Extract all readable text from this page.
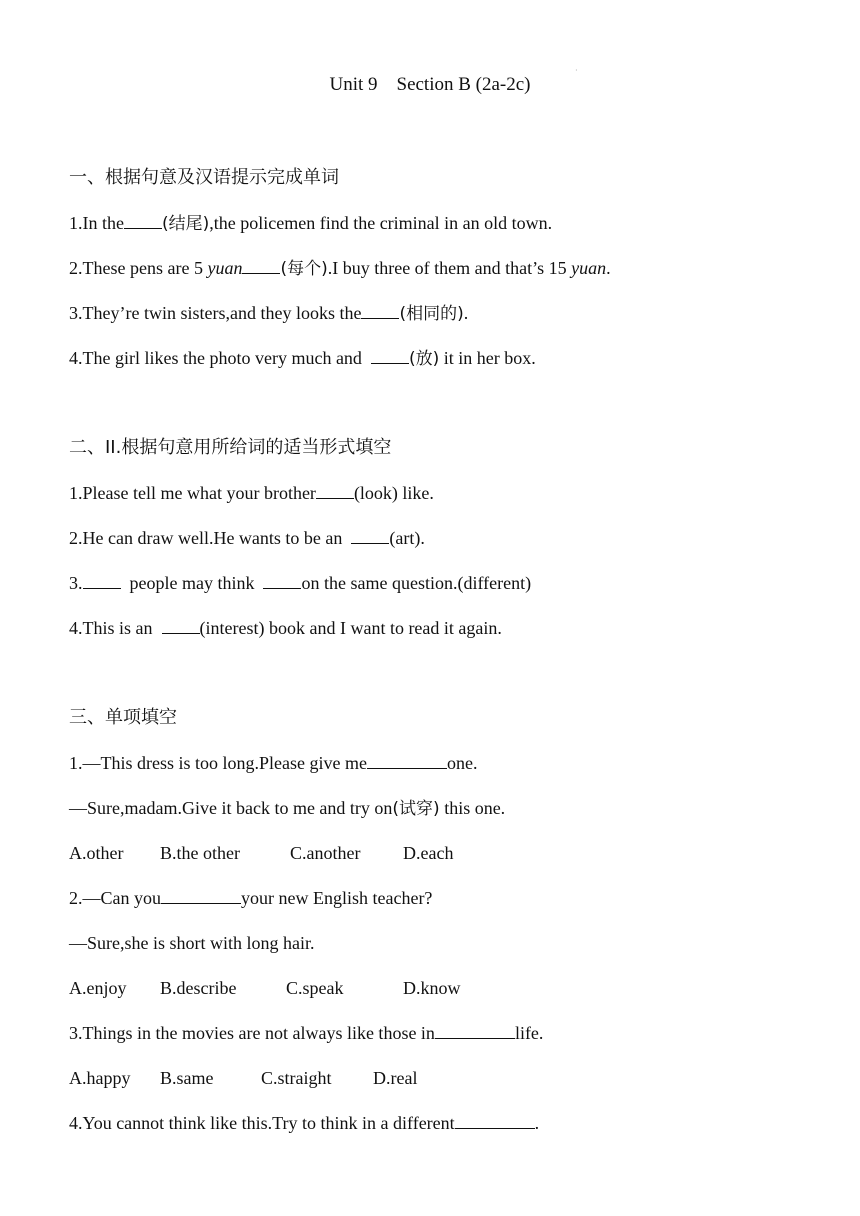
Unit 9    Section B (2a-2c)
·
一、根据句意及汉语提示完成单词
1.In the (结尾),the policemen find the criminal in an old town.
2.These pens are 5 yuan (每个).I buy three of them and that’s 15 yuan.
3.They’re twin sisters,and they looks the (相同的).
4.The girl likes the photo very much and  (放) it in her box.
二、II.根据句意用所给词的适当形式填空
1.Please tell me what your brother (look) like.
2.He can draw well.He wants to be an  (art).
3.  people may think  on the same question.(different)
4.This is an  (interest) book and I want to read it again.
三、单项填空
1.—This dress is too long.Please give me	one.
—Sure,madam.Give it back to me and try on(试穿) this one.
A.other B.the other	C.another D.each
2.—Can you	your new English teacher?
—Sure,she is short with long hair.
A.enjoy B.describe	C.speak	D.know
3.Things in the movies are not always like those in	life.
A.happy B.same	C.straight D.real
4.You cannot think like this.Try to think in a different	.
